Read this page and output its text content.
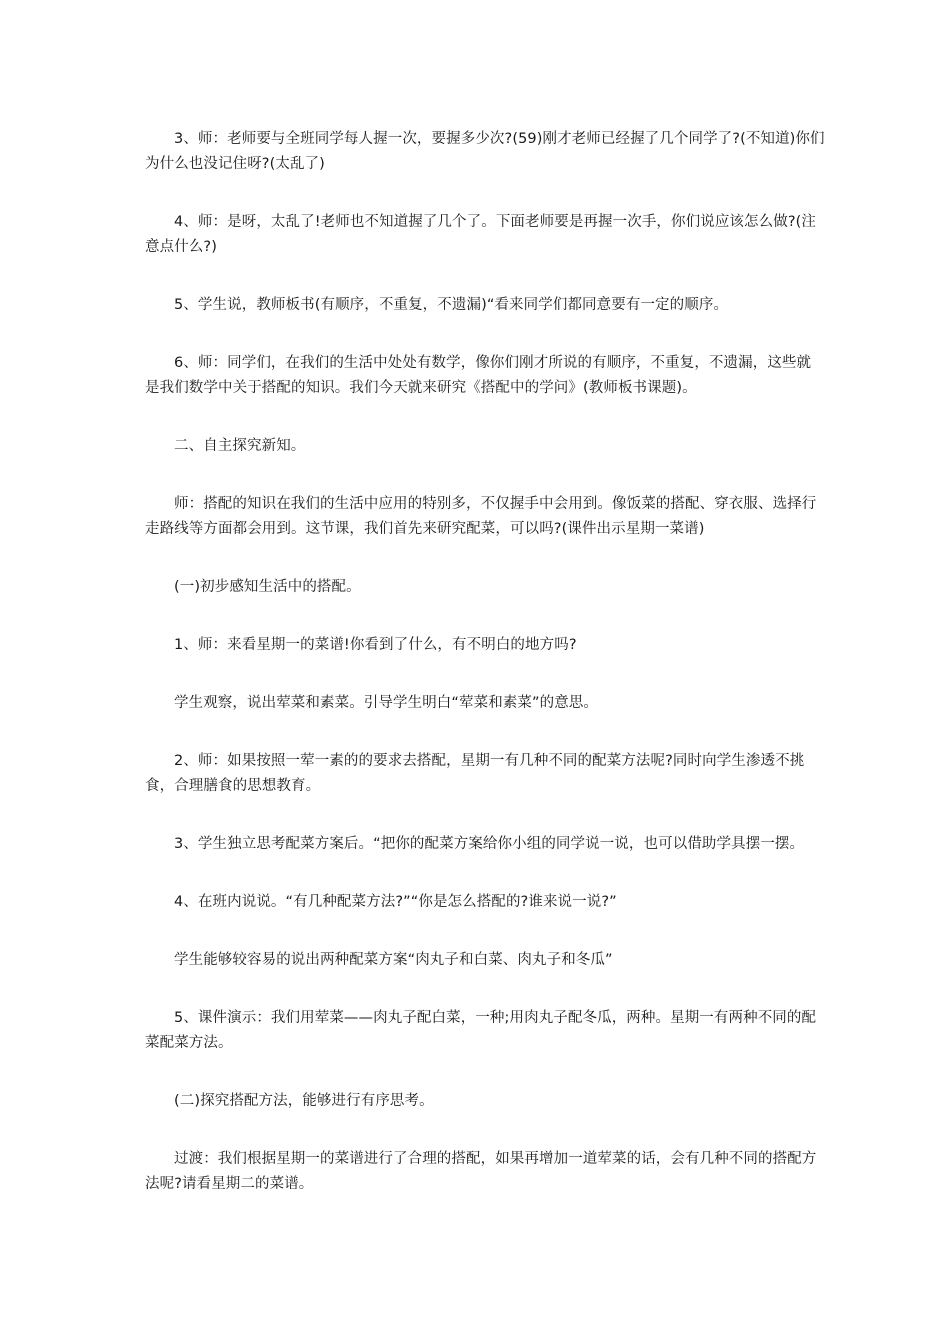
3、师：老师要与全班同学每人握一次，要握多少次?(59)刚才老师已经握了几个同学了?(不知道)你们为什么也没记住呀?(太乱了)

4、师：是呀，太乱了!老师也不知道握了几个了。下面老师要是再握一次手，你们说应该怎么做?(注意点什么?)

5、学生说，教师板书(有顺序，不重复，不遗漏)“看来同学们都同意要有一定的顺序。

6、师：同学们，在我们的生活中处处有数学，像你们刚才所说的有顺序，不重复，不遗漏，这些就是我们数学中关于搭配的知识。我们今天就来研究《搭配中的学问》(教师板书课题)。

二、自主探究新知。

师：搭配的知识在我们的生活中应用的特别多，不仅握手中会用到。像饭菜的搭配、穿衣服、选择行走路线等方面都会用到。这节课，我们首先来研究配菜，可以吗?(课件出示星期一菜谱)

(一)初步感知生活中的搭配。

1、师：来看星期一的菜谱!你看到了什么，有不明白的地方吗?

学生观察，说出荤菜和素菜。引导学生明白“荤菜和素菜”的意思。

2、师：如果按照一荤一素的的要求去搭配，星期一有几种不同的配菜方法呢?同时向学生渗透不挑食，合理膳食的思想教育。

3、学生独立思考配菜方案后。“把你的配菜方案给你小组的同学说一说，也可以借助学具摆一摆。

4、在班内说说。“有几种配菜方法?”“你是怎么搭配的?谁来说一说?”

学生能够较容易的说出两种配菜方案“肉丸子和白菜、肉丸子和冬瓜”

5、课件演示：我们用荤菜——肉丸子配白菜，一种;用肉丸子配冬瓜，两种。星期一有两种不同的配菜配菜方法。

(二)探究搭配方法，能够进行有序思考。

过渡：我们根据星期一的菜谱进行了合理的搭配，如果再增加一道荤菜的话，会有几种不同的搭配方法呢?请看星期二的菜谱。
